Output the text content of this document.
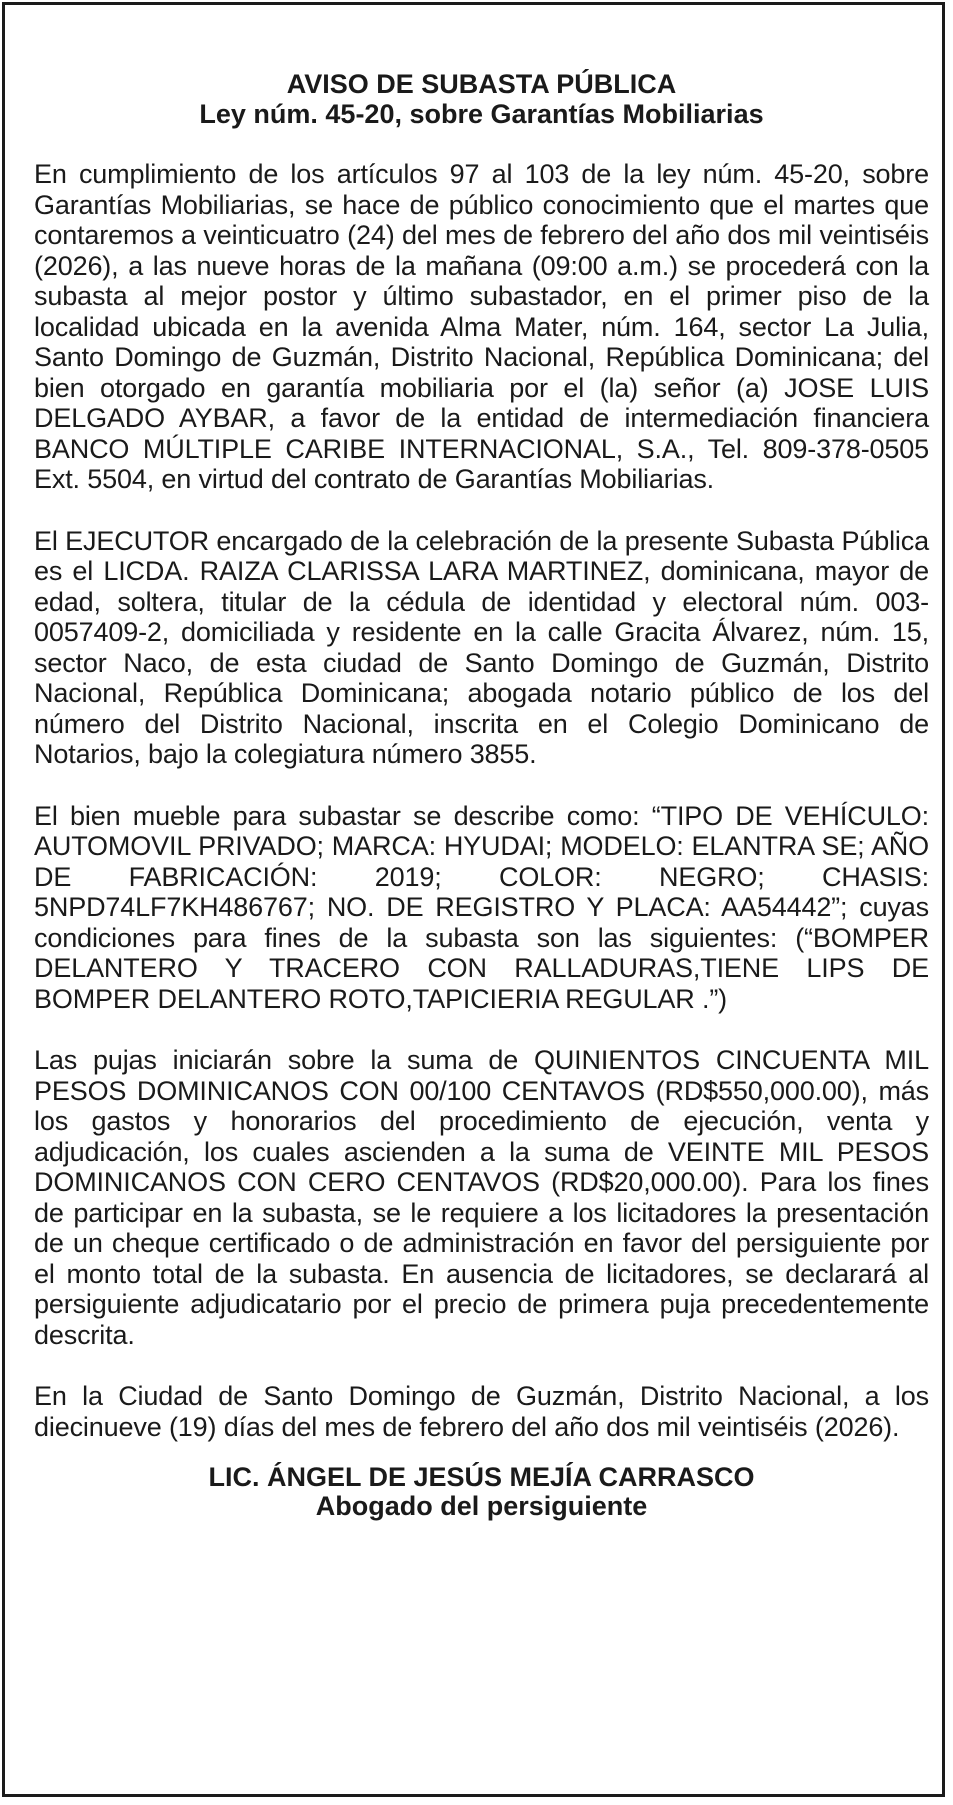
AVISO DE SUBASTA PÚBLICA
Ley núm. 45-20, sobre Garantías Mobiliarias

En cumplimiento de los artículos 97 al 103 de la ley núm. 45-20, sobre Garantías Mobiliarias, se hace de público conocimiento que el martes que contaremos a veinticuatro (24) del mes de febrero del año dos mil veintiséis (2026), a las nueve horas de la mañana (09:00 a.m.) se procederá con la subasta al mejor postor y último subastador, en el primer piso de la localidad ubicada en la avenida Alma Mater, núm. 164, sector La Julia, Santo Domingo de Guzmán, Distrito Nacional, República Dominicana; del bien otorgado en garantía mobiliaria por el (la) señor (a) JOSE LUIS DELGADO AYBAR, a favor de la entidad de intermediación financiera BANCO MÚLTIPLE CARIBE INTERNACIONAL, S.A., Tel. 809-378-0505 Ext. 5504, en virtud del contrato de Garantías Mobiliarias.

El EJECUTOR encargado de la celebración de la presente Subasta Pública es el LICDA. RAIZA CLARISSA LARA MARTINEZ, dominicana, mayor de edad, soltera, titular de la cédula de identidad y electoral núm. 003-0057409-2, domiciliada y residente en la calle Gracita Álvarez, núm. 15, sector Naco, de esta ciudad de Santo Domingo de Guzmán, Distrito Nacional, República Dominicana; abogada notario público de los del número del Distrito Nacional, inscrita en el Colegio Dominicano de Notarios, bajo la colegiatura número 3855.

El bien mueble para subastar se describe como: “TIPO DE VEHÍCULO: AUTOMOVIL PRIVADO; MARCA: HYUDAI; MODELO: ELANTRA SE; AÑO DE FABRICACIÓN: 2019; COLOR: NEGRO; CHASIS: 5NPD74LF7KH486767; NO. DE REGISTRO Y PLACA: AA54442”; cuyas condiciones para fines de la subasta son las siguientes: (“BOMPER DELANTERO Y TRACERO CON RALLADURAS,TIENE LIPS DE BOMPER DELANTERO ROTO,TAPICIERIA REGULAR .”)

Las pujas iniciarán sobre la suma de QUINIENTOS CINCUENTA MIL PESOS DOMINICANOS CON 00/100 CENTAVOS (RD$550,000.00), más los gastos y honorarios del procedimiento de ejecución, venta y adjudicación, los cuales ascienden a la suma de VEINTE MIL PESOS DOMINICANOS CON CERO CENTAVOS (RD$20,000.00). Para los fines de participar en la subasta, se le requiere a los licitadores la presentación de un cheque certificado o de administración en favor del persiguiente por el monto total de la subasta. En ausencia de licitadores, se declarará al persiguiente adjudicatario por el precio de primera puja precedentemente descrita.

En la Ciudad de Santo Domingo de Guzmán, Distrito Nacional, a los diecinueve (19) días del mes de febrero del año dos mil veintiséis (2026).

LIC. ÁNGEL DE JESÚS MEJÍA CARRASCO
Abogado del persiguiente
